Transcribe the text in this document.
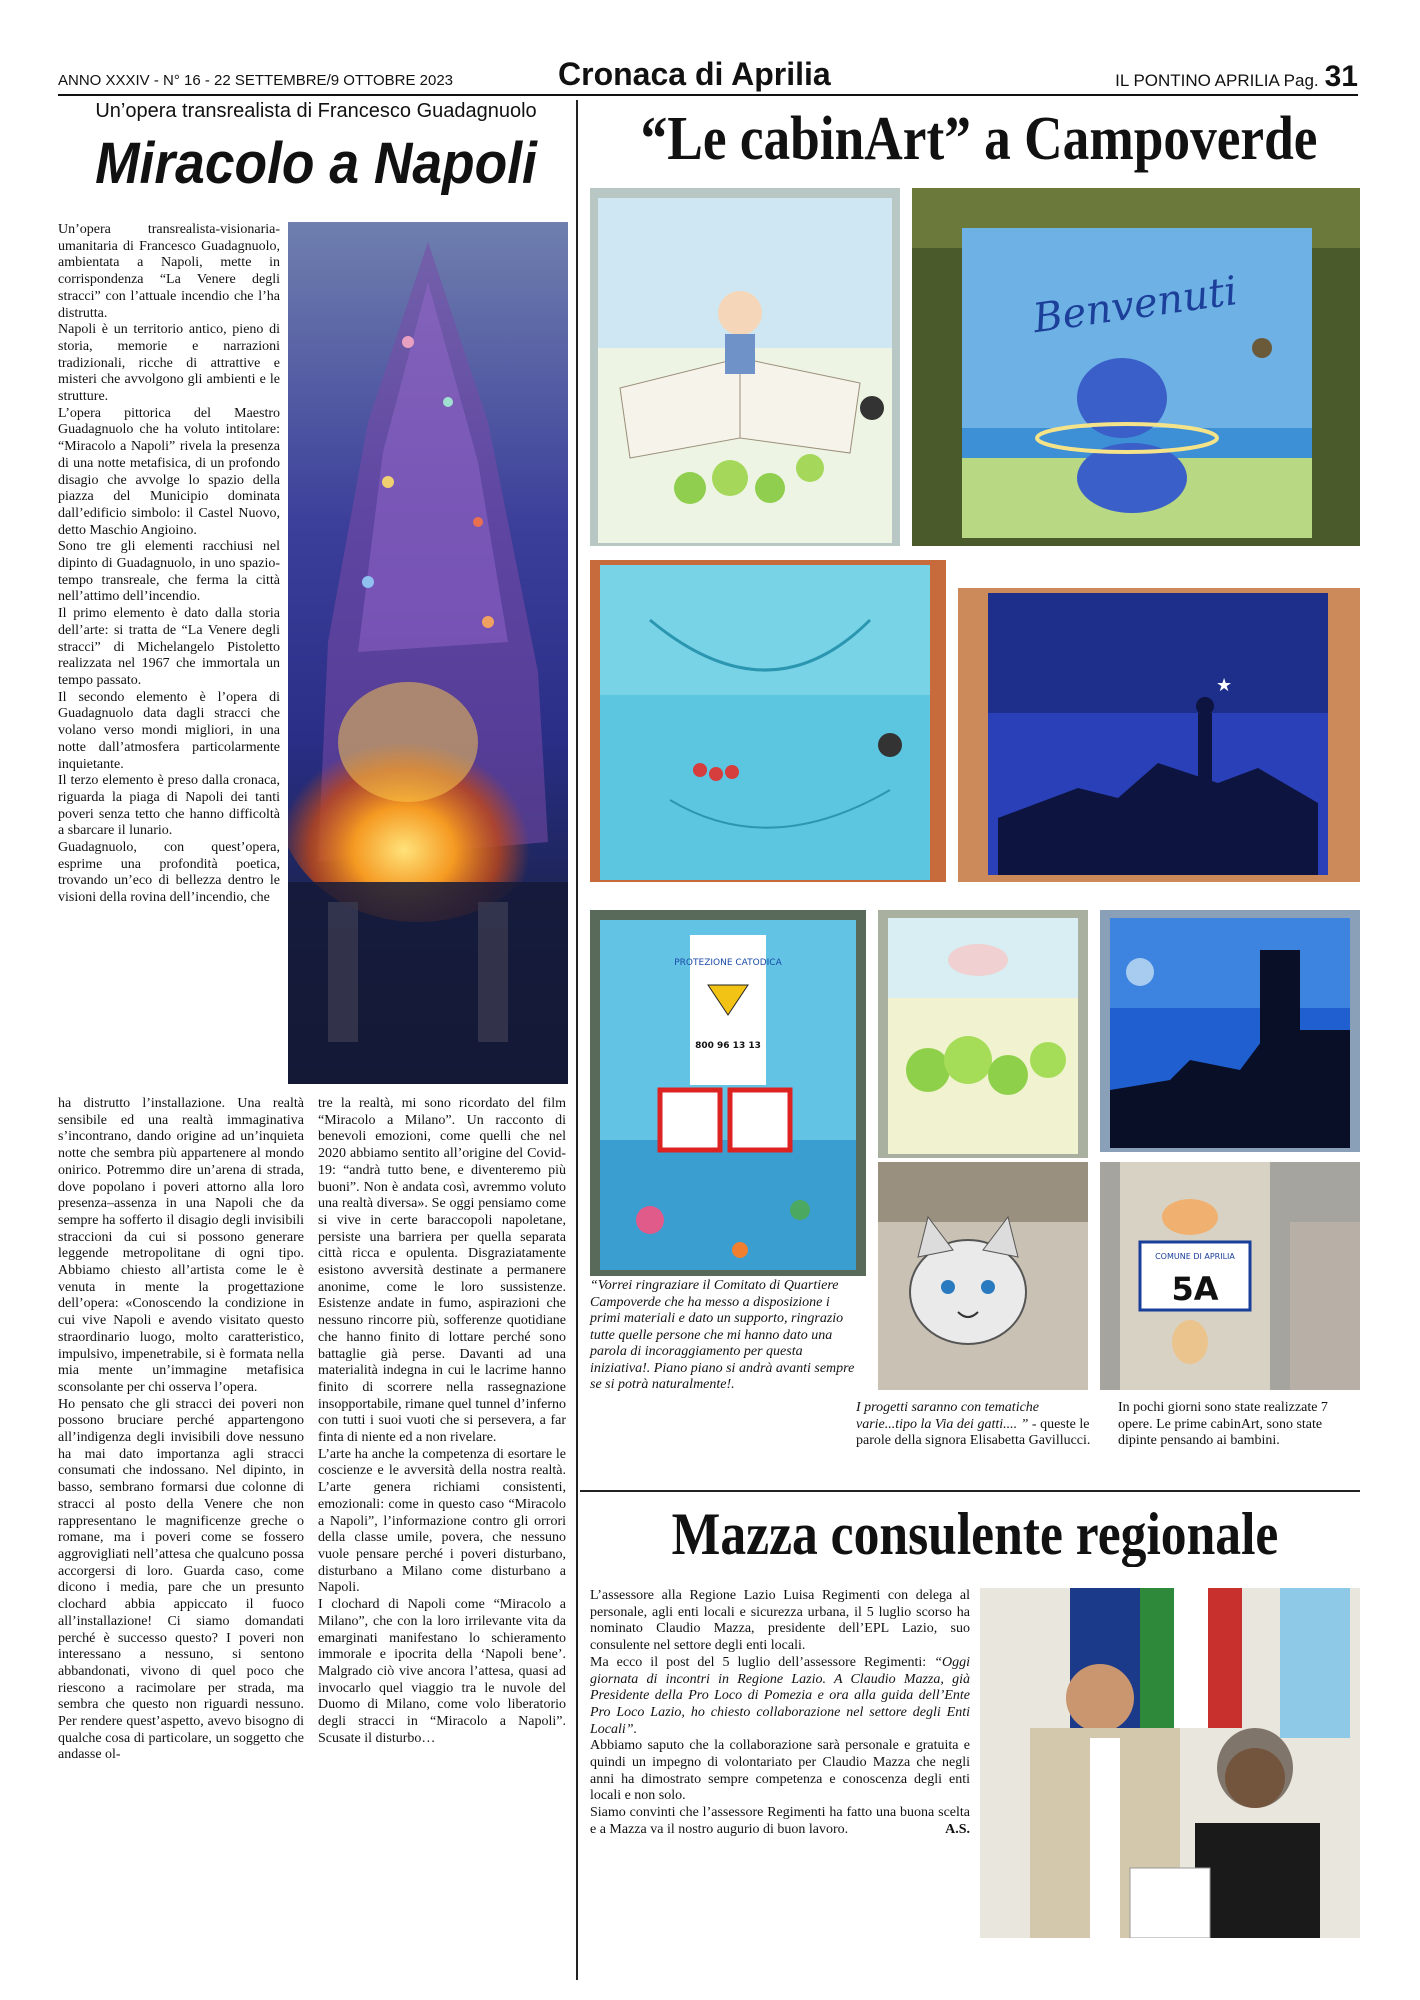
ANNO XXXIV - N° 16 - 22 SETTEMBRE/9 OTTOBRE 2023	Cronaca di Aprilia	IL PONTINO APRILIA Pag. 31
Un’opera transrealista di Francesco Guadagnuolo
Miracolo a Napoli

Un’opera transrealista-visionaria-umanitaria di Francesco Guadagnuolo, ambientata a Napoli, mette in corrispondenza “La Venere degli stracci” con l’attuale incendio che l’ha distrutta.

Napoli è un territorio antico, pieno di storia, memorie e narrazioni tradizionali, ricche di attrattive e misteri che avvolgono gli ambienti e le strutture.

L’opera pittorica del Maestro Guadagnuolo che ha voluto intitolare: “Miracolo a Napoli” rivela la presenza di una notte metafisica, di un profondo disagio che avvolge lo spazio della piazza del Municipio dominata dall’edificio simbolo: il Castel Nuovo, detto Maschio Angioino.

Sono tre gli elementi racchiusi nel dipinto di Guadagnuolo, in uno spazio-tempo transreale, che ferma la città nell’attimo dell’incendio.

Il primo elemento è dato dalla storia dell’arte: si tratta de “La Venere degli stracci” di Michelangelo Pistoletto realizzata nel 1967 che immortala un tempo passato.

Il secondo elemento è l’opera di Guadagnuolo data dagli stracci che volano verso mondi migliori, in una notte dall’atmosfera particolarmente inquietante.

Il terzo elemento è preso dalla cronaca, riguarda la piaga di Napoli dei tanti poveri senza tetto che hanno difficoltà a sbarcare il lunario.

Guadagnuolo, con quest’opera, esprime una profondità poetica, trovando un’eco di bellezza dentro le visioni della rovina dell’incendio, che

ha distrutto l’installazione. Una realtà sensibile ed una realtà immaginativa s’incontrano, dando origine ad un’inquieta notte che sembra più appartenere al mondo onirico. Potremmo dire un’arena di strada, dove popolano i poveri attorno alla loro presenza–assenza in una Napoli che da sempre ha sofferto il disagio degli invisibili straccioni da cui si possono generare leggende metropolitane di ogni tipo. Abbiamo chiesto all’artista come le è venuta in mente la progettazione dell’opera: «Conoscendo la condizione in cui vive Napoli e avendo visitato questo straordinario luogo, molto caratteristico, impulsivo, impenetrabile, si è formata nella mia mente un’immagine metafisica sconsolante per chi osserva l’opera.

Ho pensato che gli stracci dei poveri non possono bruciare perché appartengono all’indigenza degli invisibili dove nessuno ha mai dato importanza agli stracci consumati che indossano. Nel dipinto, in basso, sembrano formarsi due colonne di stracci al posto della Venere che non rappresentano le magnificenze greche o romane, ma i poveri come se fossero aggrovigliati nell’attesa che qualcuno possa accorgersi di loro. Guarda caso, come dicono i media, pare che un presunto clochard abbia appiccato il fuoco all’installazione! Ci siamo domandati perché è successo questo? I poveri non interessano a nessuno, si sentono abbandonati, vivono di quel poco che riescono a racimolare per strada, ma sembra che questo non riguardi nessuno. Per rendere quest’aspetto, avevo bisogno di qualche cosa di particolare, un soggetto che andasse ol-

tre la realtà, mi sono ricordato del film “Miracolo a Milano”. Un racconto di benevoli emozioni, come quelli che nel 2020 abbiamo sentito all’origine del Covid-19: “andrà tutto bene, e diventeremo più buoni”. Non è andata così, avremmo voluto una realtà diversa». Se oggi pensiamo come si vive in certe baraccopoli napoletane, persiste una barriera per quella separata città ricca e opulenta. Disgraziatamente esistono avversità destinate a permanere anonime, come le loro sussistenze. Esistenze andate in fumo, aspirazioni che nessuno rincorre più, sofferenze quotidiane che hanno finito di lottare perché sono battaglie già perse. Davanti ad una materialità indegna in cui le lacrime hanno finito di scorrere nella rassegnazione insopportabile, rimane quel tunnel d’inferno con tutti i suoi vuoti che si persevera, a far finta di niente ed a non rivelare.

L’arte ha anche la competenza di esortare le coscienze e le avversità della nostra realtà. L’arte genera richiami consistenti, emozionali: come in questo caso “Miracolo a Napoli”, l’informazione contro gli orrori della classe umile, povera, che nessuno vuole pensare perché i poveri disturbano, disturbano a Milano come disturbano a Napoli.

I clochard di Napoli come “Miracolo a Milano”, che con la loro irrilevante vita da emarginati manifestano lo schieramento immorale e ipocrita della ‘Napoli bene’. Malgrado ciò vive ancora l’attesa, quasi ad invocarlo quel viaggio tra le nuvole del Duomo di Milano, come volo liberatorio degli stracci in “Miracolo a Napoli”. Scusate il disturbo…

“Le cabinArt” a Campoverde
Benvenuti
★
PROTEZIONE CATODICA
800 96 13 13
COMUNE DI APRILIA
5A
“Vorrei ringraziare il Comitato di Quartiere Campoverde che ha messo a disposizione i primi materiali e dato un supporto, ringrazio tutte quelle persone che mi hanno dato una parola di incoraggiamento per questa iniziativa!. Piano piano si andrà avanti sempre se si potrà naturalmente!.
I progetti saranno con tematiche varie...tipo la Via dei gatti.... ” - queste le parole della signora Elisabetta Gavillucci.
In pochi giorni sono state realizzate 7 opere. Le prime cabinArt, sono state dipinte pensando ai bambini.
Mazza consulente regionale

L’assessore alla Regione Lazio Luisa Regimenti con delega al personale, agli enti locali e sicurezza urbana, il 5 luglio scorso ha nominato Claudio Mazza, presidente dell’EPL Lazio, suo consulente nel settore degli enti locali.

Ma ecco il post del 5 luglio dell’assessore Regimenti: “Oggi giornata di incontri in Regione Lazio. A Claudio Mazza, già Presidente della Pro Loco di Pomezia e ora alla guida dell’Ente Pro Loco Lazio, ho chiesto collaborazione nel settore degli Enti Locali”.

Abbiamo saputo che la collaborazione sarà personale e gratuita e quindi un impegno di volontariato per Claudio Mazza che negli anni ha dimostrato sempre competenza e conoscenza degli enti locali e non solo.

Siamo convinti che l’assessore Regimenti ha fatto una buona scelta e a Mazza va il nostro augurio di buon lavoro.	A.S.
